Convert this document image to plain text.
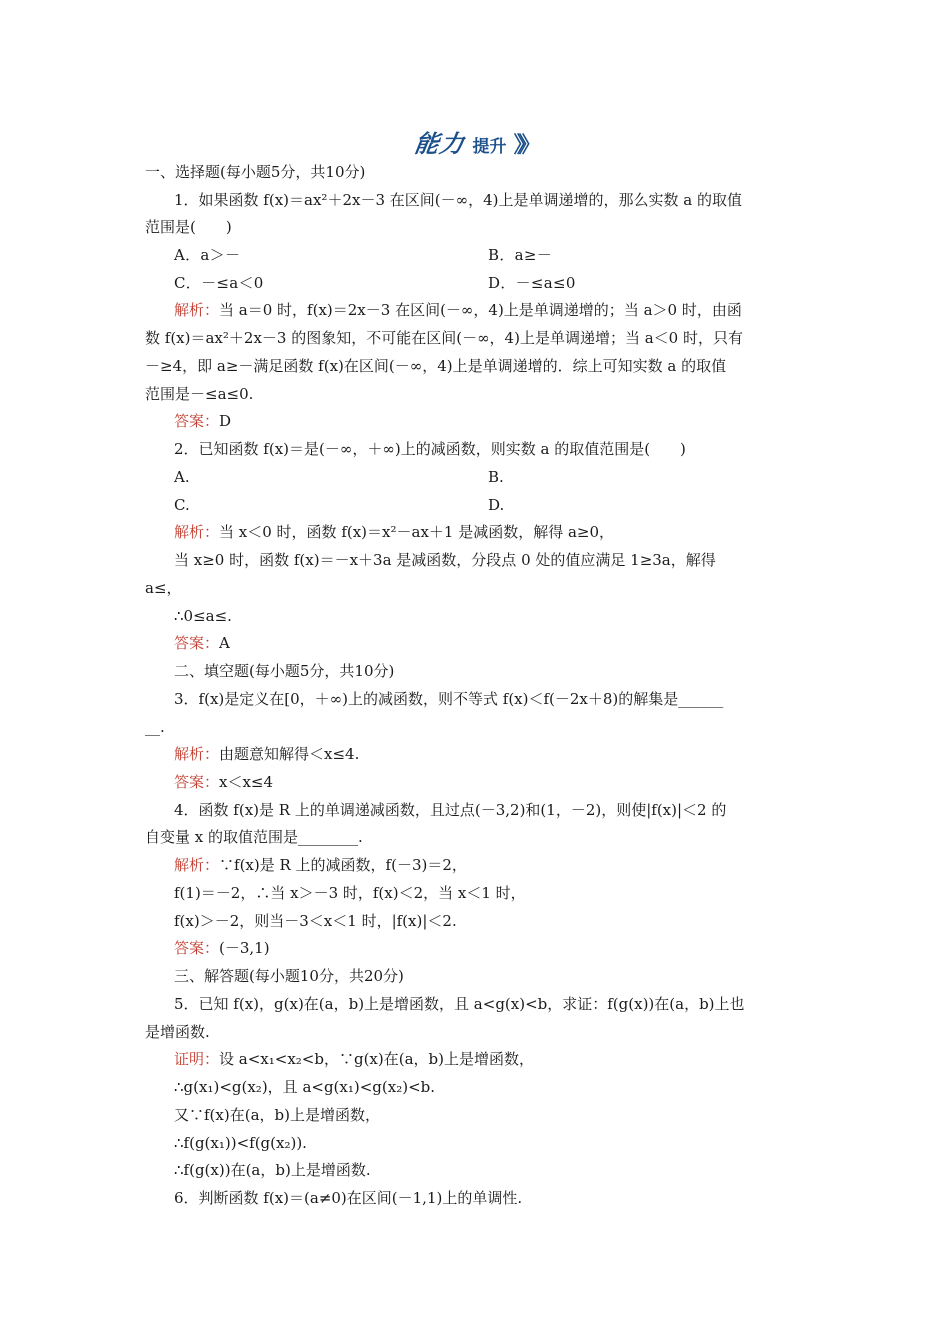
能力 提升 》》
一、选择题(每小题5分，共10分)
1．如果函数 f(x)＝ax²＋2x－3 在区间(－∞，4)上是单调递增的，那么实数 a 的取值
范围是(　　)
A．a＞－	B．a≥－
C．－≤a＜0	D．－≤a≤0
解析：当 a＝0 时，f(x)＝2x－3 在区间(－∞，4)上是单调递增的；当 a＞0 时，由函
数 f(x)＝ax²＋2x－3 的图象知，不可能在区间(－∞，4)上是单调递增；当 a＜0 时，只有
－≥4，即 a≥－满足函数 f(x)在区间(－∞，4)上是单调递增的．综上可知实数 a 的取值
范围是－≤a≤0.
答案：D
2．已知函数 f(x)＝是(－∞，＋∞)上的减函数，则实数 a 的取值范围是(　　)
A.	B.
C.	D.
解析：当 x＜0 时，函数 f(x)＝x²－ax＋1 是减函数，解得 a≥0，
当 x≥0 时，函数 f(x)＝－x＋3a 是减函数，分段点 0 处的值应满足 1≥3a，解得
a≤，
∴0≤a≤.
答案：A
二、填空题(每小题5分，共10分)
3．f(x)是定义在[0，＋∞)上的减函数，则不等式 f(x)＜f(－2x＋8)的解集是______
__.
解析：由题意知解得＜x≤4.
答案：x＜x≤4
4．函数 f(x)是 R 上的单调递减函数，且过点(－3,2)和(1，－2)，则使|f(x)|＜2 的
自变量 x 的取值范围是________.
解析：∵f(x)是 R 上的减函数，f(－3)＝2，
f(1)＝－2，∴当 x＞－3 时，f(x)＜2，当 x＜1 时，
f(x)＞－2，则当－3＜x＜1 时，|f(x)|＜2.
答案：(－3,1)
三、解答题(每小题10分，共20分)
5．已知 f(x)，g(x)在(a，b)上是增函数，且 a<g(x)<b，求证：f(g(x))在(a，b)上也
是增函数.
证明：设 a<x₁<x₂<b，∵g(x)在(a，b)上是增函数，
∴g(x₁)<g(x₂)，且 a<g(x₁)<g(x₂)<b.
又∵f(x)在(a，b)上是增函数，
∴f(g(x₁))<f(g(x₂)).
∴f(g(x))在(a，b)上是增函数.
6．判断函数 f(x)＝(a≠0)在区间(－1,1)上的单调性.
